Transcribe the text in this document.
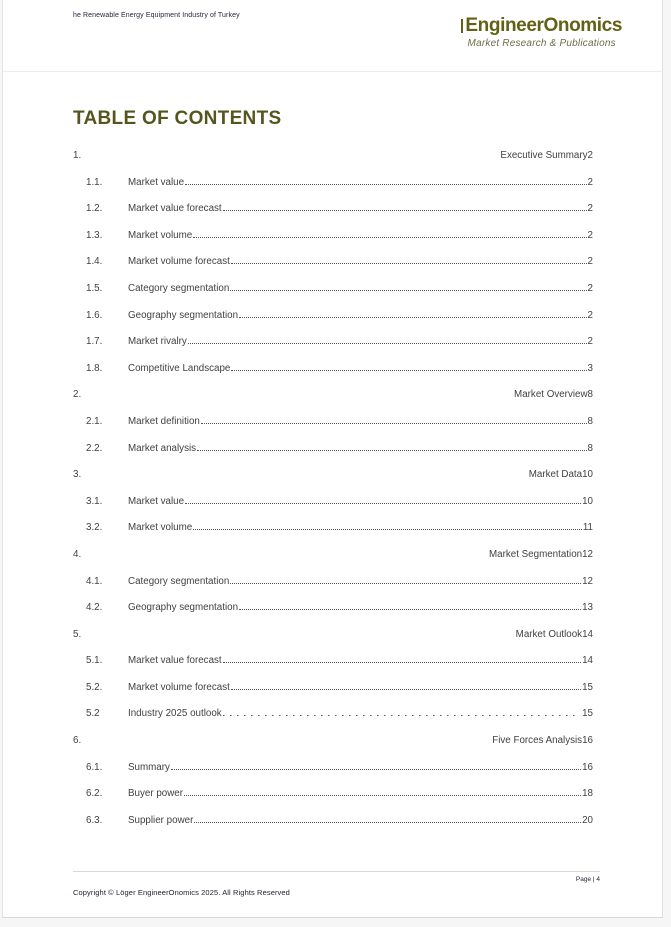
he Renewable Energy Equipment Industry of Turkey	EngineerOnomics
Market Research & Publications
TABLE OF CONTENTS
1.	Executive Summary 2
1.1.	Market value	2
1.2.	Market value forecast	2
1.3.	Market volume	2
1.4.	Market volume forecast	2
1.5.	Category segmentation	2
1.6.	Geography segmentation	2
1.7.	Market rivalry	2
1.8.	Competitive Landscape	3
2.	Market Overview 8
2.1.	Market definition	8
2.2.	Market analysis	8
3.	Market Data 10
3.1.	Market value	10
3.2.	Market volume	11
4.	Market Segmentation 12
4.1.	Category segmentation	12
4.2.	Geography segmentation	13
5.	Market Outlook 14
5.1.	Market value forecast	14
5.2.	Market volume forecast	15
5.2	Industry 2025 outlook	15
6.	Five Forces Analysis 16
6.1.	Summary	16
6.2.	Buyer power	18
6.3.	Supplier power	20
Page | 4
Copyright © Löger EngineerOnomics 2025. All Rights Reserved
